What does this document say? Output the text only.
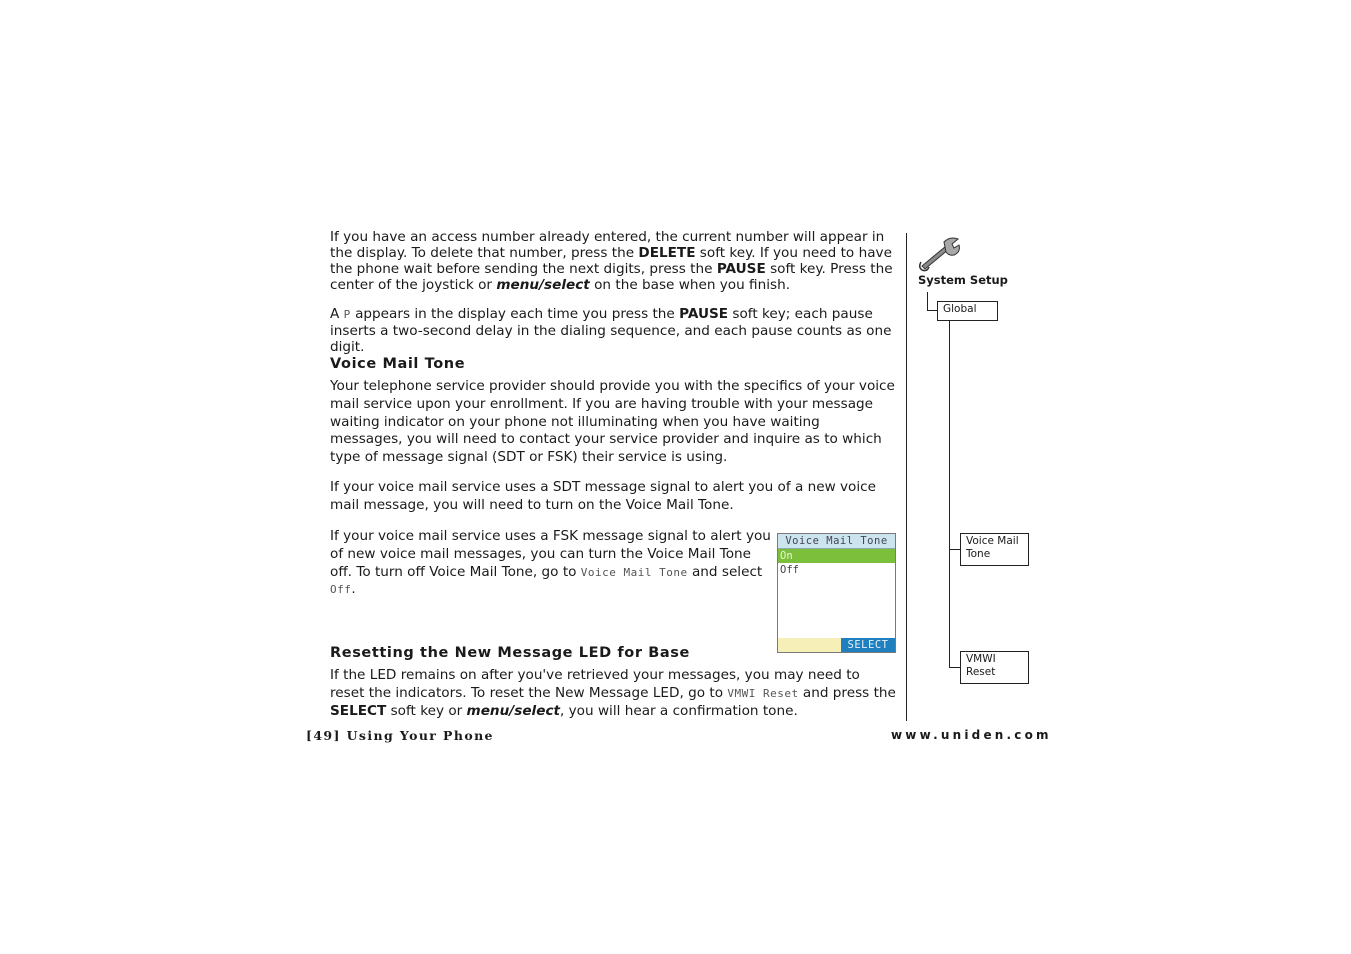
If you have an access number already entered, the current number will appear in the display. To delete that number, press the DELETE soft key. If you need to have the phone wait before sending the next digits, press the PAUSE soft key. Press the center of the joystick or menu/select on the base when you finish.

A P appears in the display each time you press the PAUSE soft key; each pause inserts a two-second delay in the dialing sequence, and each pause counts as one digit.

Voice Mail Tone

Your telephone service provider should provide you with the specifics of your voice mail service upon your enrollment. If you are having trouble with your message waiting indicator on your phone not illuminating when you have waiting messages, you will need to contact your service provider and inquire as to which type of message signal (SDT or FSK) their service is using.

If your voice mail service uses a SDT message signal to alert you of a new voice mail message, you will need to turn on the Voice Mail Tone.

If your voice mail service uses a FSK message signal to alert you of new voice mail messages, you can turn the Voice Mail Tone off. To turn off Voice Mail Tone, go to Voice Mail Tone and select Off.

Voice Mail Tone
On
Off
SELECT
Resetting the New Message LED for Base

If the LED remains on after you've retrieved your messages, you may need to reset the indicators. To reset the New Message LED, go to VMWI Reset and press the SELECT soft key or menu/select, you will hear a confirmation tone.

System Setup
Global
Voice Mail
Tone
VMWI
Reset
[49] Using Your Phone	www.uniden.com
